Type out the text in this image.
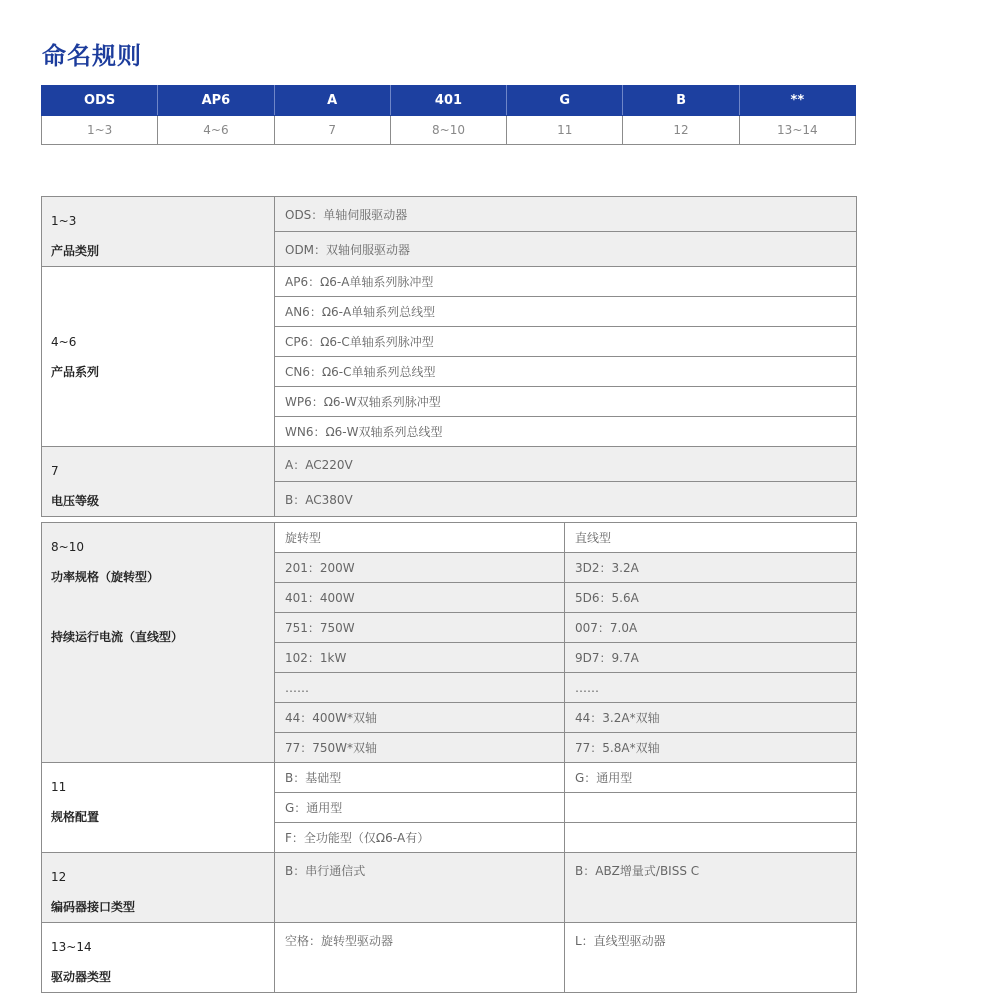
命名规则
ODS	AP6	A	401	G	B	**
1~3	4~6	7	8~10	11	12	13~14
1~3
产品类别	ODS：单轴伺服驱动器
	ODM：双轴伺服驱动器

4~6
产品系列	AP6：Ω6-A单轴系列脉冲型
	AN6：Ω6-A单轴系列总线型
	CP6：Ω6-C单轴系列脉冲型
	CN6：Ω6-C单轴系列总线型
	WP6：Ω6-W双轴系列脉冲型
	WN6：Ω6-W双轴系列总线型

7
电压等级	A：AC220V
	B：AC380V
8~10
功率规格（旋转型）
持续运行电流（直线型）	旋转型	直线型
	201：200W	3D2：3.2A
	401：400W	5D6：5.6A
	751：750W	007：7.0A
	102：1kW	9D7：9.7A
	……	……
	44：400W*双轴	44：3.2A*双轴
	77：750W*双轴	77：5.8A*双轴

11
规格配置	B：基础型	G：通用型
	G：通用型	
	F：全功能型（仅Ω6-A有）	

12
编码器接口类型	B：串行通信式	B：ABZ增量式/BISS C

13~14
驱动器类型	空格：旋转型驱动器	L：直线型驱动器
